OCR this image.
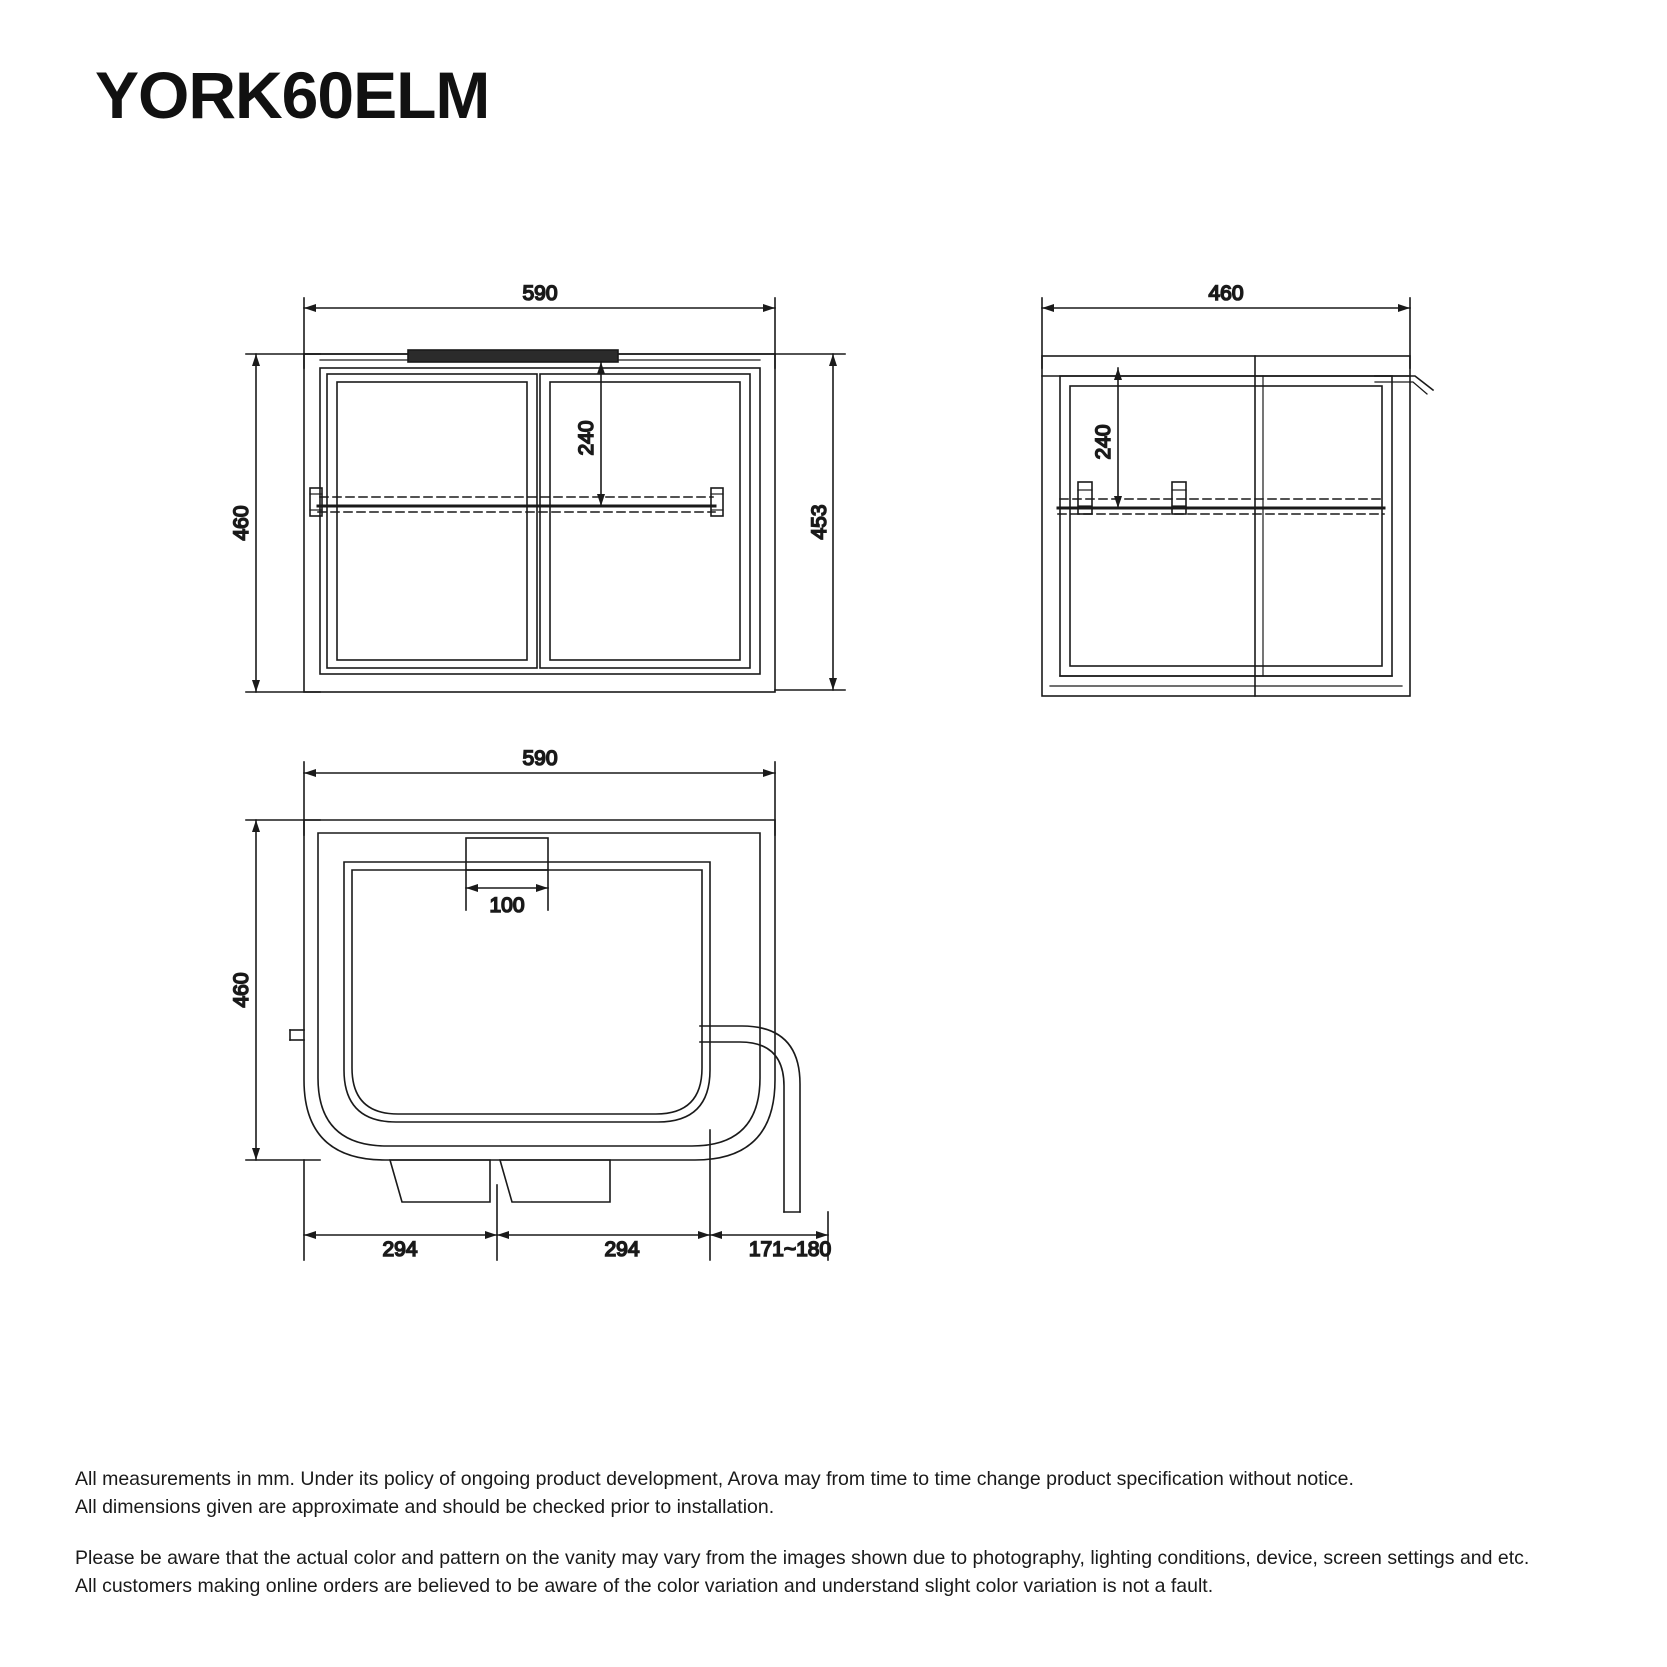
YORK60ELM
590
460	453
240
460
240
590
460
100
294	294	171~180

All measurements in mm. Under its policy of ongoing product development, Arova may from time to time change product specification without notice.
All dimensions given are approximate and should be checked prior to installation.

Please be aware that the actual color and pattern on the vanity may vary from the images shown due to photography, lighting conditions, device, screen settings and etc.
All customers making online orders are believed to be aware of the color variation and understand slight color variation is not a fault.
